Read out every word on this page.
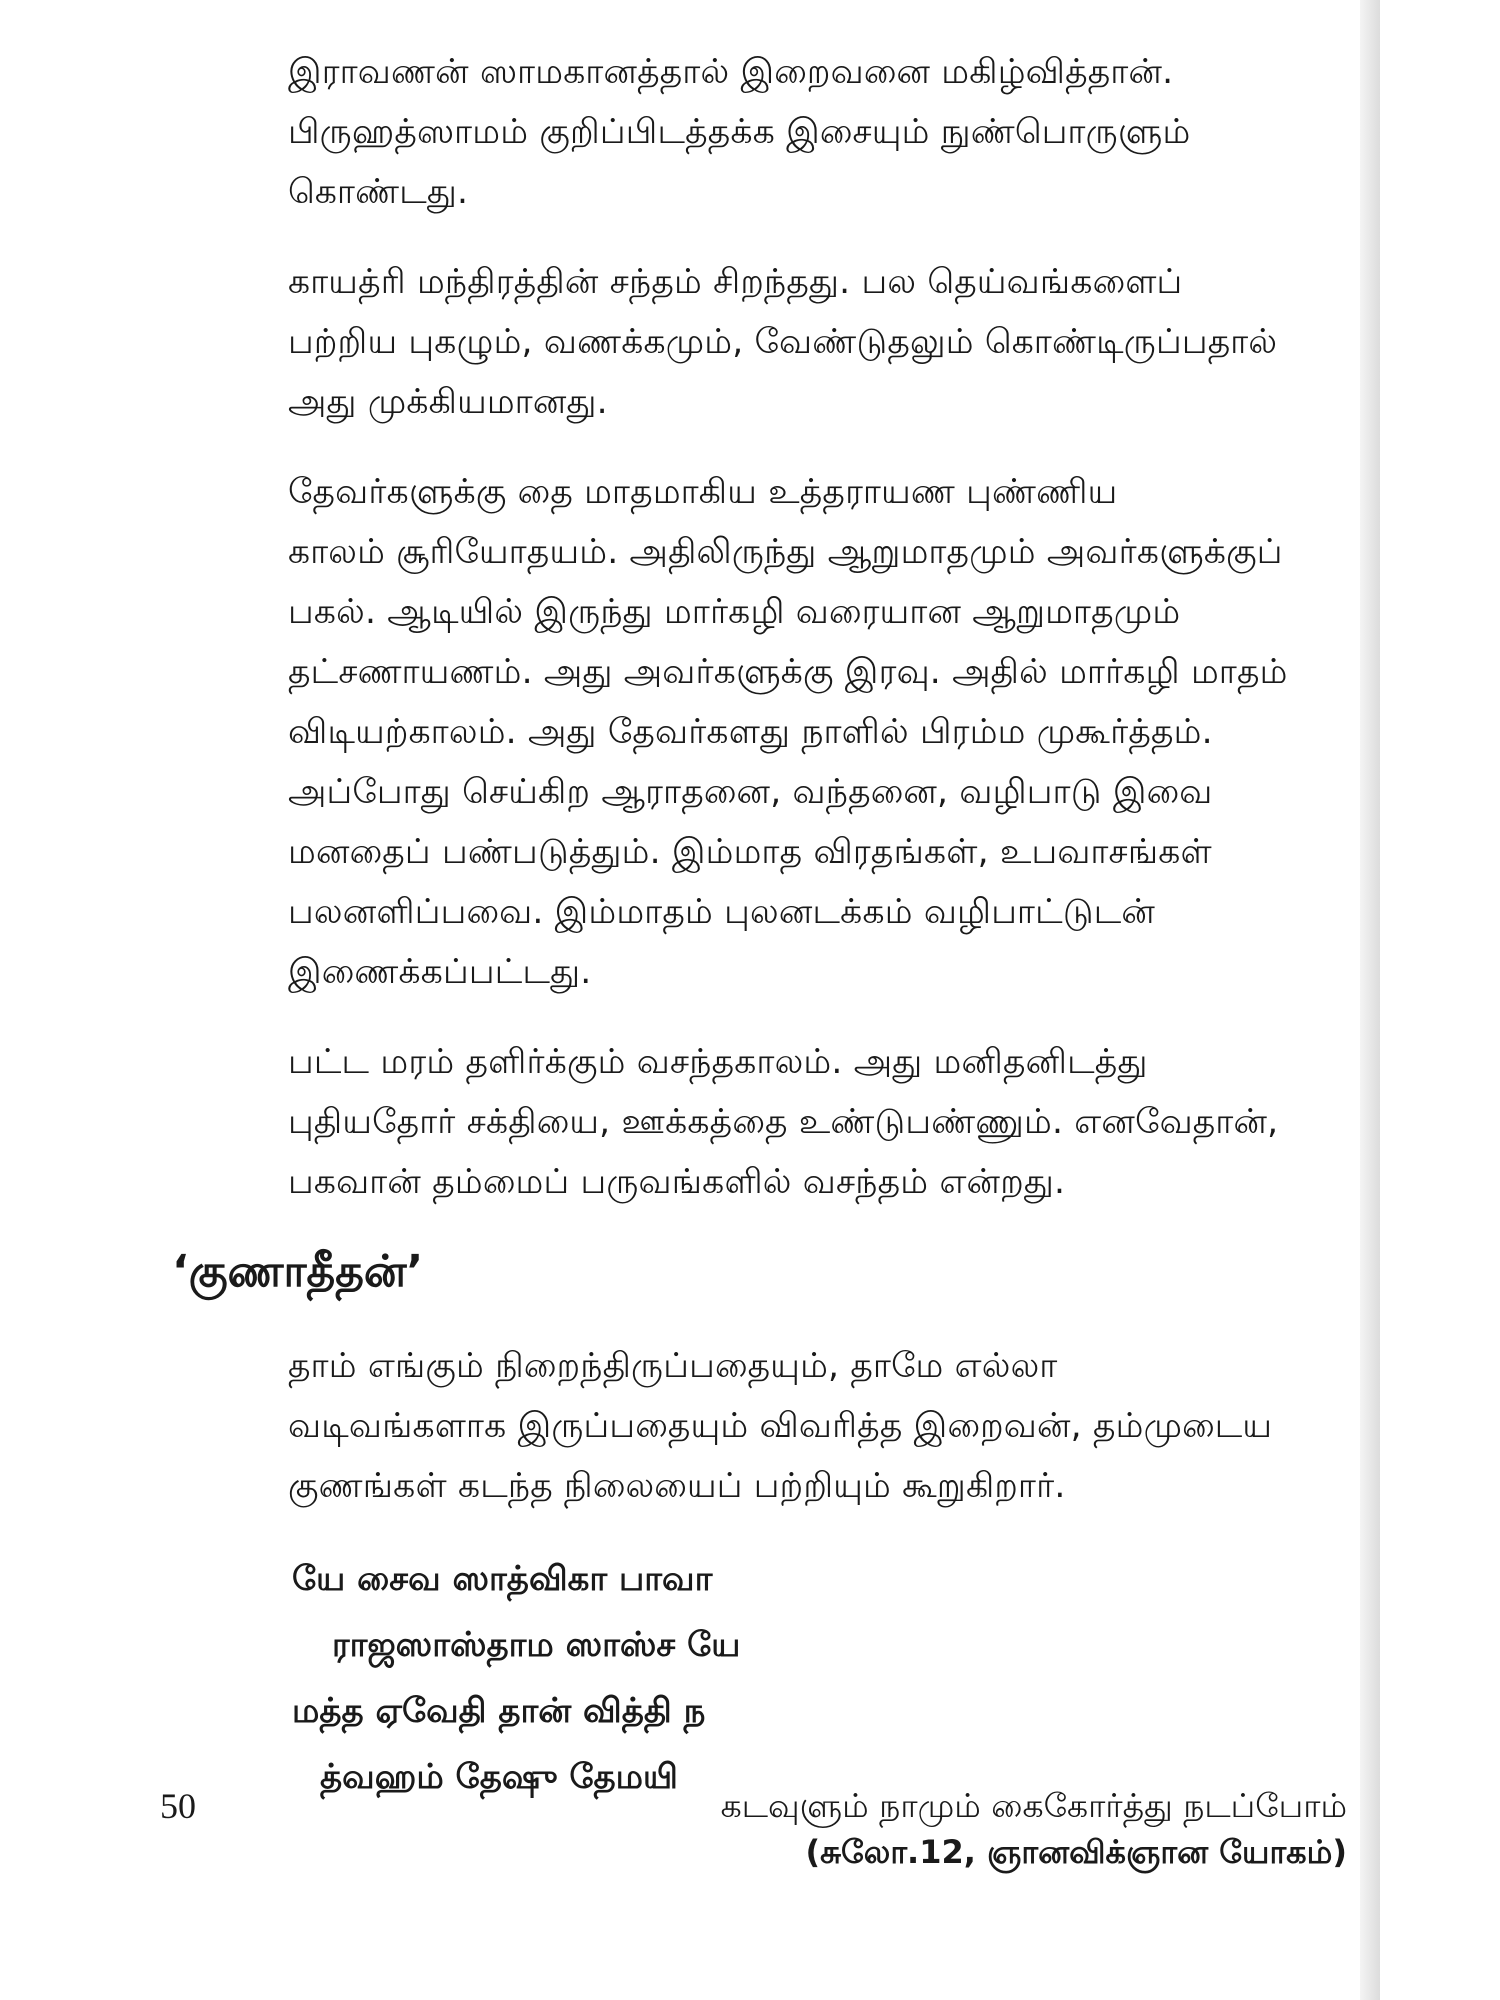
இராவணன் ஸாமகானத்தால் இறைவனை மகிழ்வித்தான்.
பிருஹத்ஸாமம் குறிப்பிடத்தக்க இசையும் நுண்பொருளும்
கொண்டது.

காயத்ரி மந்திரத்தின் சந்தம் சிறந்தது. பல தெய்வங்களைப்
பற்றிய புகழும், வணக்கமும், வேண்டுதலும் கொண்டிருப்பதால்
அது முக்கியமானது.

தேவர்களுக்கு தை மாதமாகிய உத்தராயண புண்ணிய
காலம் சூரியோதயம். அதிலிருந்து ஆறுமாதமும் அவர்களுக்குப்
பகல். ஆடியில் இருந்து மார்கழி வரையான ஆறுமாதமும்
தட்சணாயணம். அது அவர்களுக்கு இரவு. அதில் மார்கழி மாதம்
விடியற்காலம். அது தேவர்களது நாளில் பிரம்ம முகூர்த்தம்.
அப்போது செய்கிற ஆராதனை, வந்தனை, வழிபாடு இவை
மனதைப் பண்படுத்தும். இம்மாத விரதங்கள், உபவாசங்கள்
பலனளிப்பவை. இம்மாதம் புலனடக்கம் வழிபாட்டுடன்
இணைக்கப்பட்டது.

பட்ட மரம் தளிர்க்கும் வசந்தகாலம். அது மனிதனிடத்து
புதியதோர் சக்தியை, ஊக்கத்தை உண்டுபண்ணும். எனவேதான்,
பகவான் தம்மைப் பருவங்களில் வசந்தம் என்றது.

‘குணாதீதன்’

தாம் எங்கும் நிறைந்திருப்பதையும், தாமே எல்லா
வடிவங்களாக இருப்பதையும் விவரித்த இறைவன், தம்முடைய
குணங்கள் கடந்த நிலையைப் பற்றியும் கூறுகிறார்.

யே சைவ ஸாத்விகா பாவா
ராஜஸாஸ்தாம ஸாஸ்ச யே
மத்த ஏவேதி தான் வித்தி ந
த்வஹம் தேஷு தேமயி
(சுலோ.12, ஞானவிக்ஞான யோகம்)
50	கடவுளும் நாமும் கைகோர்த்து நடப்போம்
